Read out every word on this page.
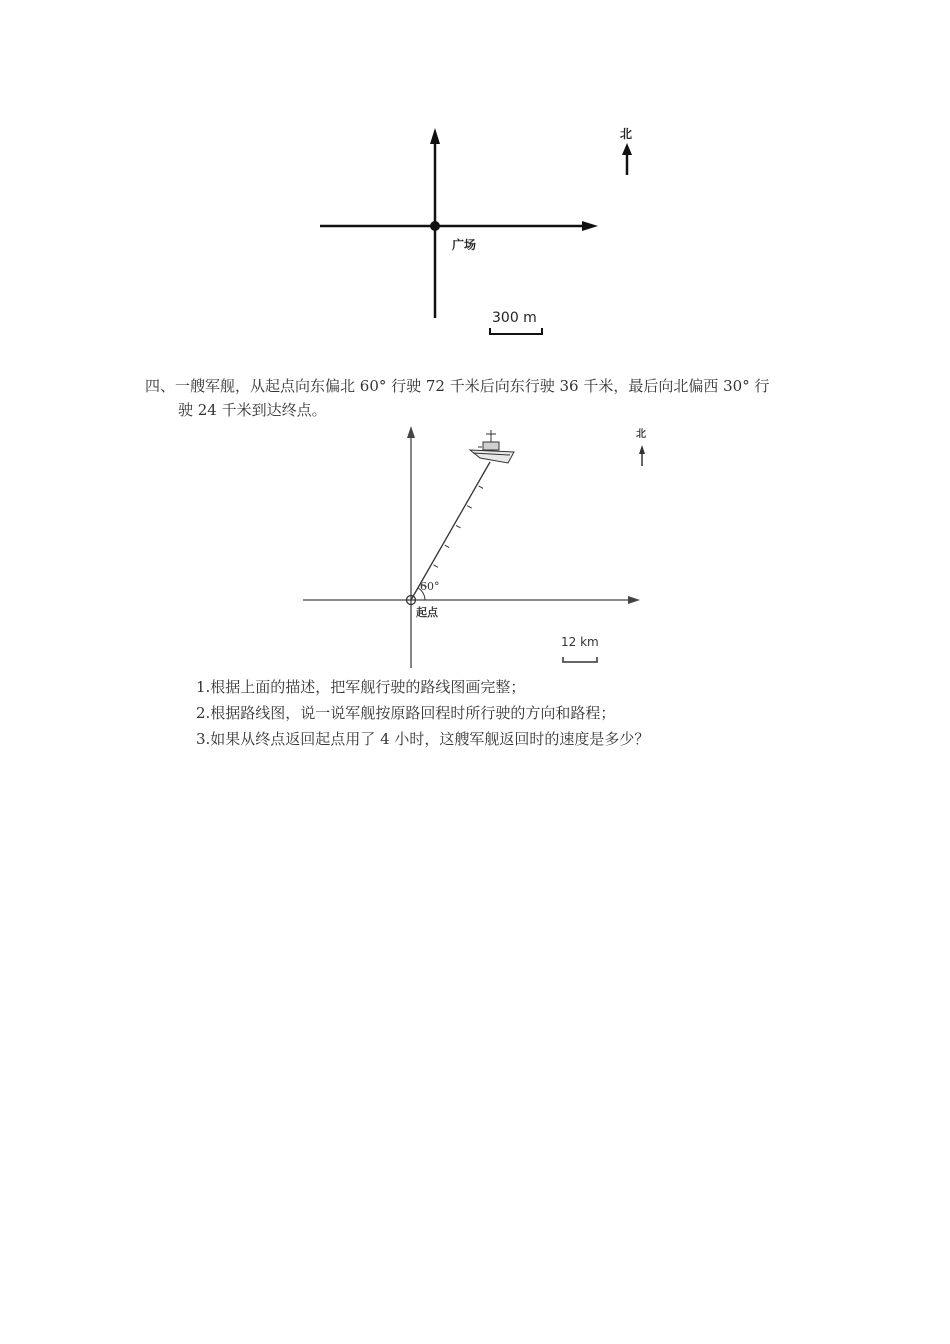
北
广场
300 m
四、一艘军舰，从起点向东偏北 60° 行驶 72 千米后向东行驶 36 千米，最后向北偏西 30° 行
驶 24 千米到达终点。
北
60°
起点
12 km
1.根据上面的描述，把军舰行驶的路线图画完整；
2.根据路线图，说一说军舰按原路回程时所行驶的方向和路程；
3.如果从终点返回起点用了 4 小时，这艘军舰返回时的速度是多少？
